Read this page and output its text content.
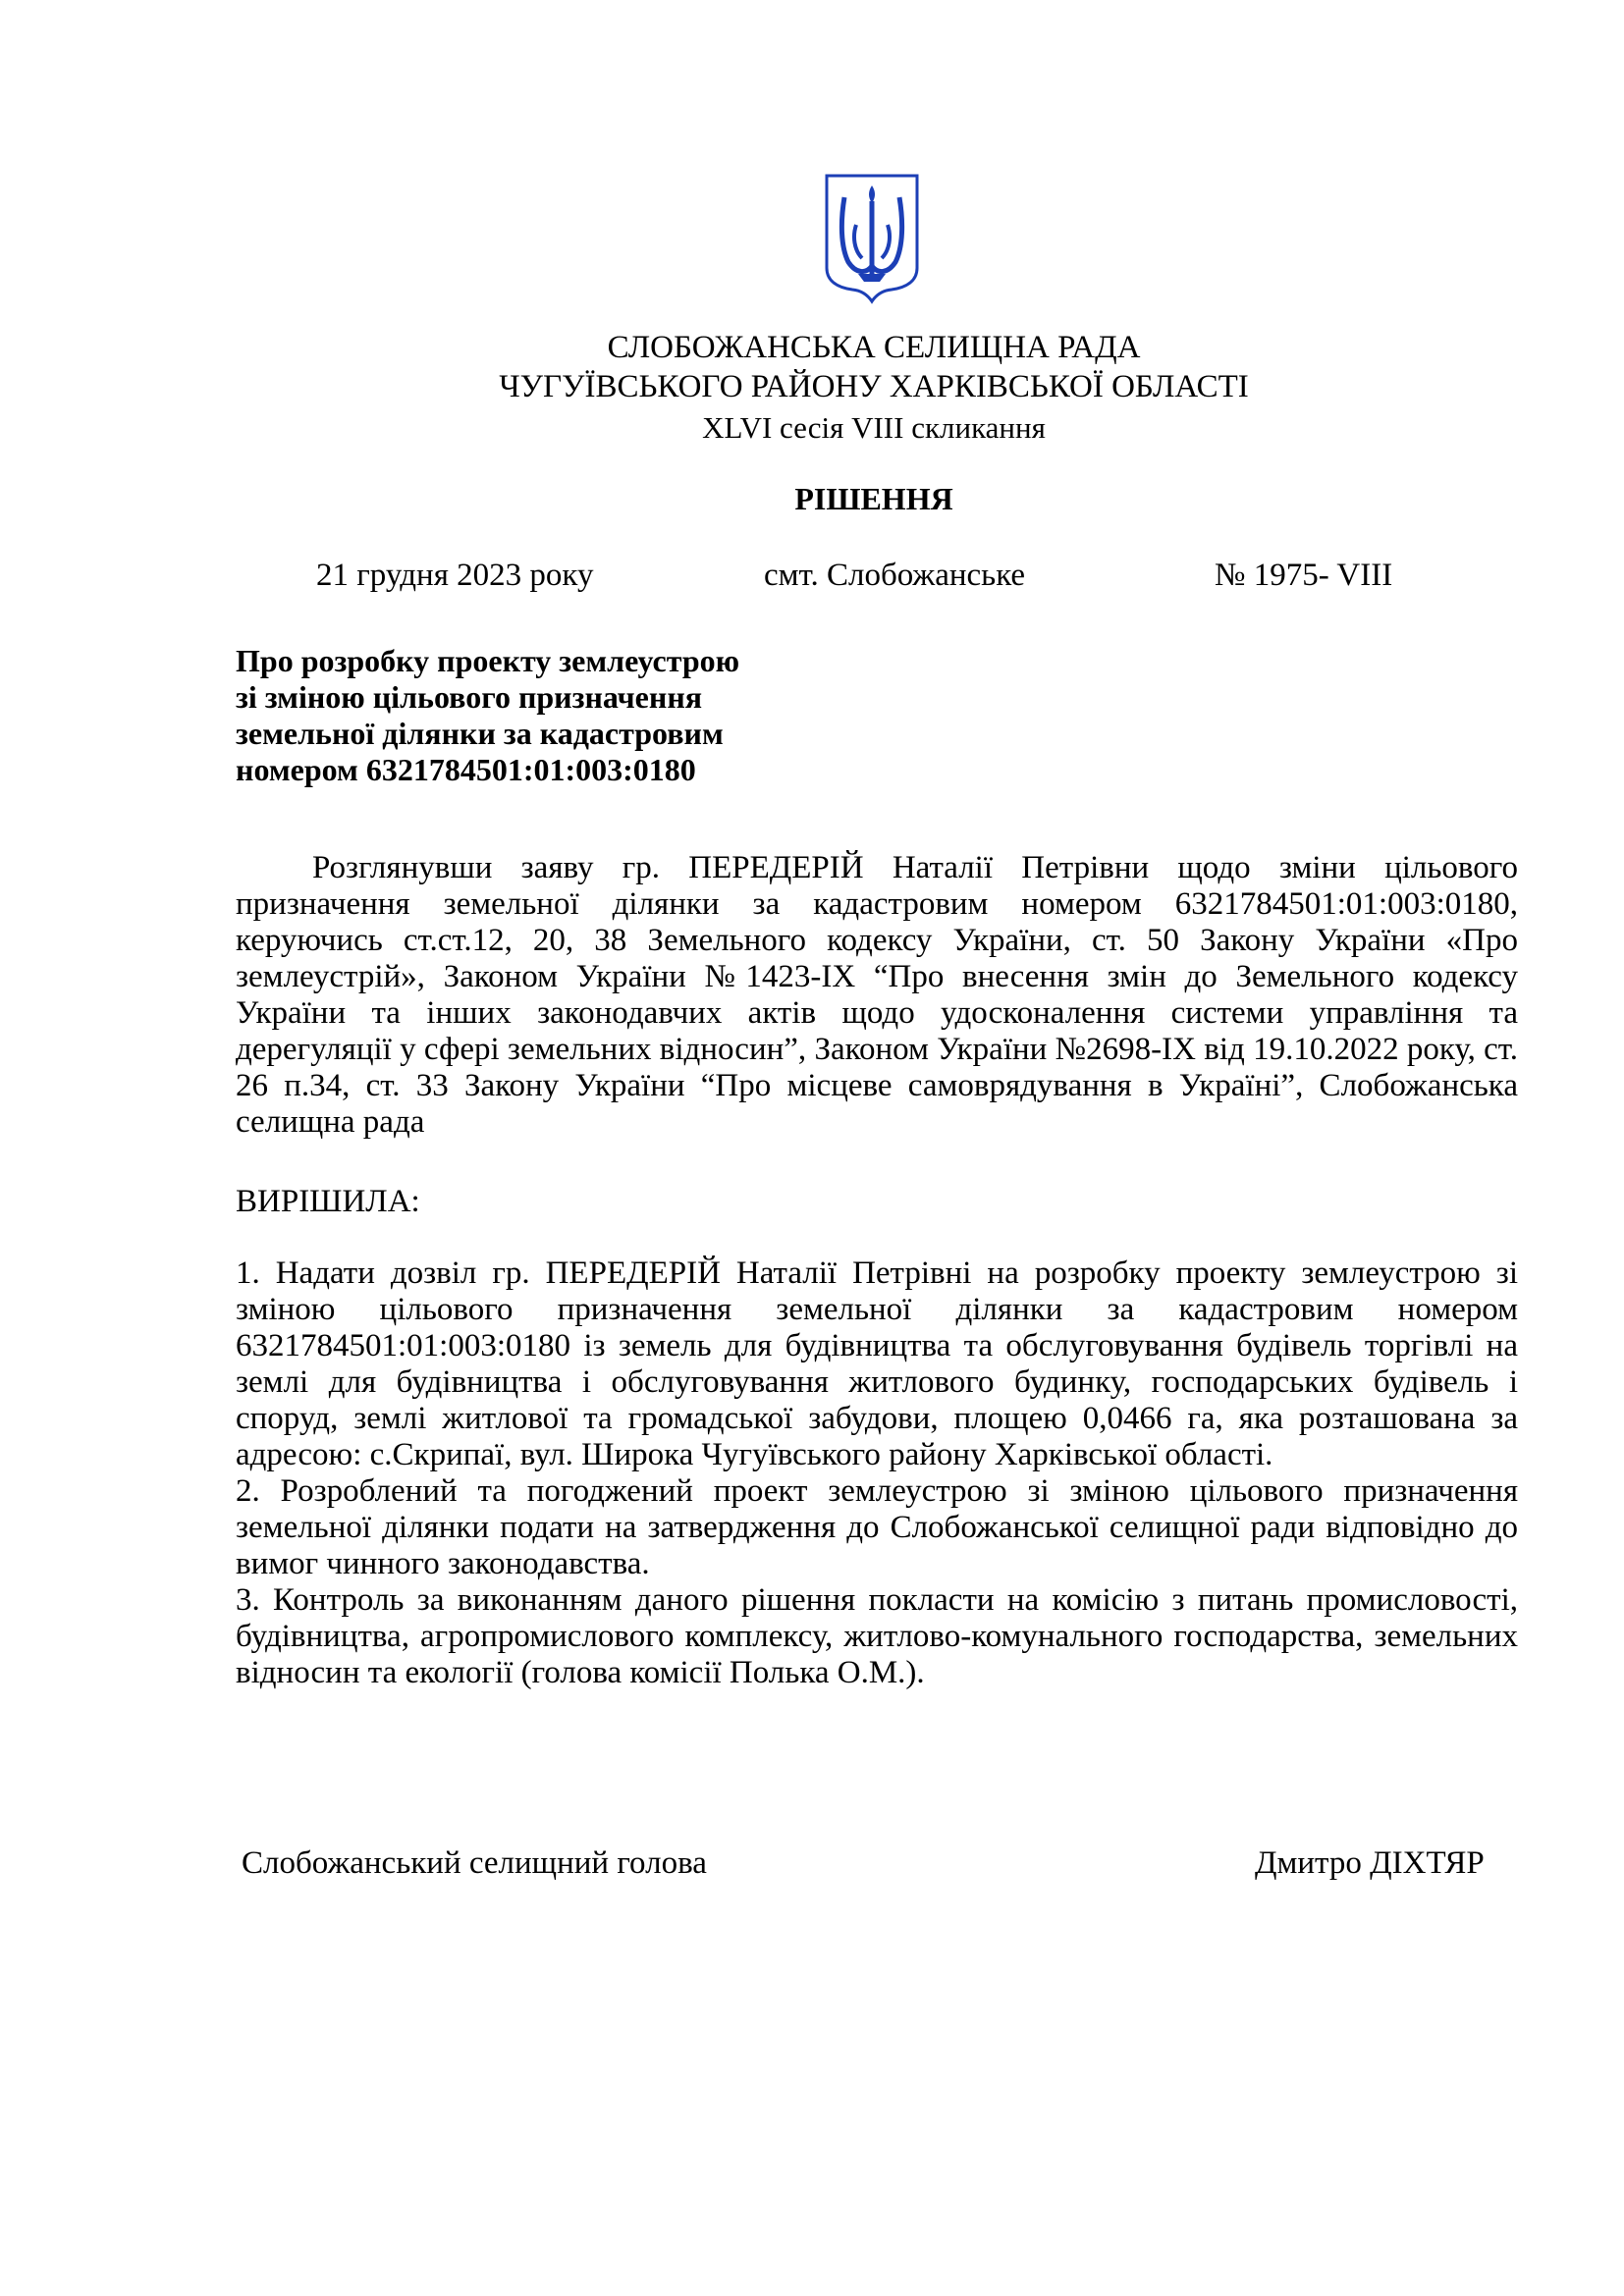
СЛОБОЖАНСЬКА СЕЛИЩНА РАДА
ЧУГУЇВСЬКОГО РАЙОНУ ХАРКІВСЬКОЇ ОБЛАСТІ
XLVI сесія VIII скликання
РІШЕННЯ
21 грудня 2023 року	смт. Слобожанське	№ 1975- VIII
Про розробку проекту землеустрою
зі зміною цільового призначення
земельної ділянки за кадастровим
номером 6321784501:01:003:0180
Розглянувши заяву гр. ПЕРЕДЕРІЙ Наталії Петрівни щодо зміни цільового призначення земельної ділянки за кадастровим номером 6321784501:01:003:0180, керуючись ст.ст.12, 20, 38 Земельного кодексу України, ст. 50 Закону України «Про землеустрій», Законом України №1423-IX “Про внесення змін до Земельного кодексу України та інших законодавчих актів щодо удосконалення системи управління та дерегуляції у сфері земельних відносин”, Законом України №2698-IX від 19.10.2022 року, ст. 26 п.34, ст. 33 Закону України “Про місцеве самоврядування в Україні”, Слобожанська селищна рада
ВИРІШИЛА:

1. Надати дозвіл гр. ПЕРЕДЕРІЙ Наталії Петрівні на розробку проекту землеустрою зі зміною цільового призначення земельної ділянки за кадастровим номером 6321784501:01:003:0180 із земель для будівництва та обслуговування будівель торгівлі на землі для будівництва і обслуговування житлового будинку, господарських будівель і споруд, землі житлової та громадської забудови, площею 0,0466 га, яка розташована за адресою: с.Скрипаї, вул. Широка Чугуївського району Харківської області.

2. Розроблений та погоджений проект землеустрою зі зміною цільового призначення земельної ділянки подати на затвердження до Слобожанської селищної ради відповідно до вимог чинного законодавства.

3. Контроль за виконанням даного рішення покласти на комісію з питань промисловості, будівництва, агропромислового комплексу, житлово-комунального господарства, земельних відносин та екології (голова комісії Полька О.М.).

Слобожанський селищний голова	Дмитро ДІХТЯР
